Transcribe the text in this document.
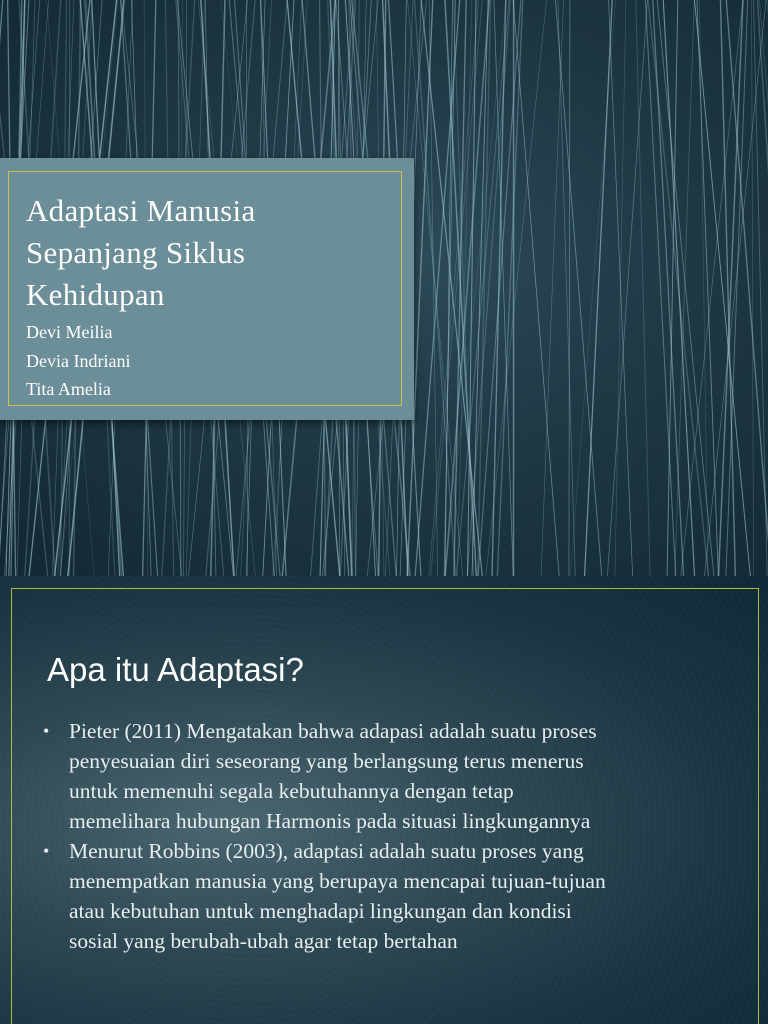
Adaptasi Manusia
Sepanjang Siklus
Kehidupan
Devi Meilia
Devia Indriani
Tita Amelia
Apa itu Adaptasi?
• Pieter (2011) Mengatakan bahwa adapasi adalah suatu proses
penyesuaian diri seseorang yang berlangsung terus menerus
untuk memenuhi segala kebutuhannya dengan tetap
memelihara hubungan Harmonis pada situasi lingkungannya
• Menurut Robbins (2003), adaptasi adalah suatu proses yang
menempatkan manusia yang berupaya mencapai tujuan-tujuan
atau kebutuhan untuk menghadapi lingkungan dan kondisi
sosial yang berubah-ubah agar tetap bertahan
